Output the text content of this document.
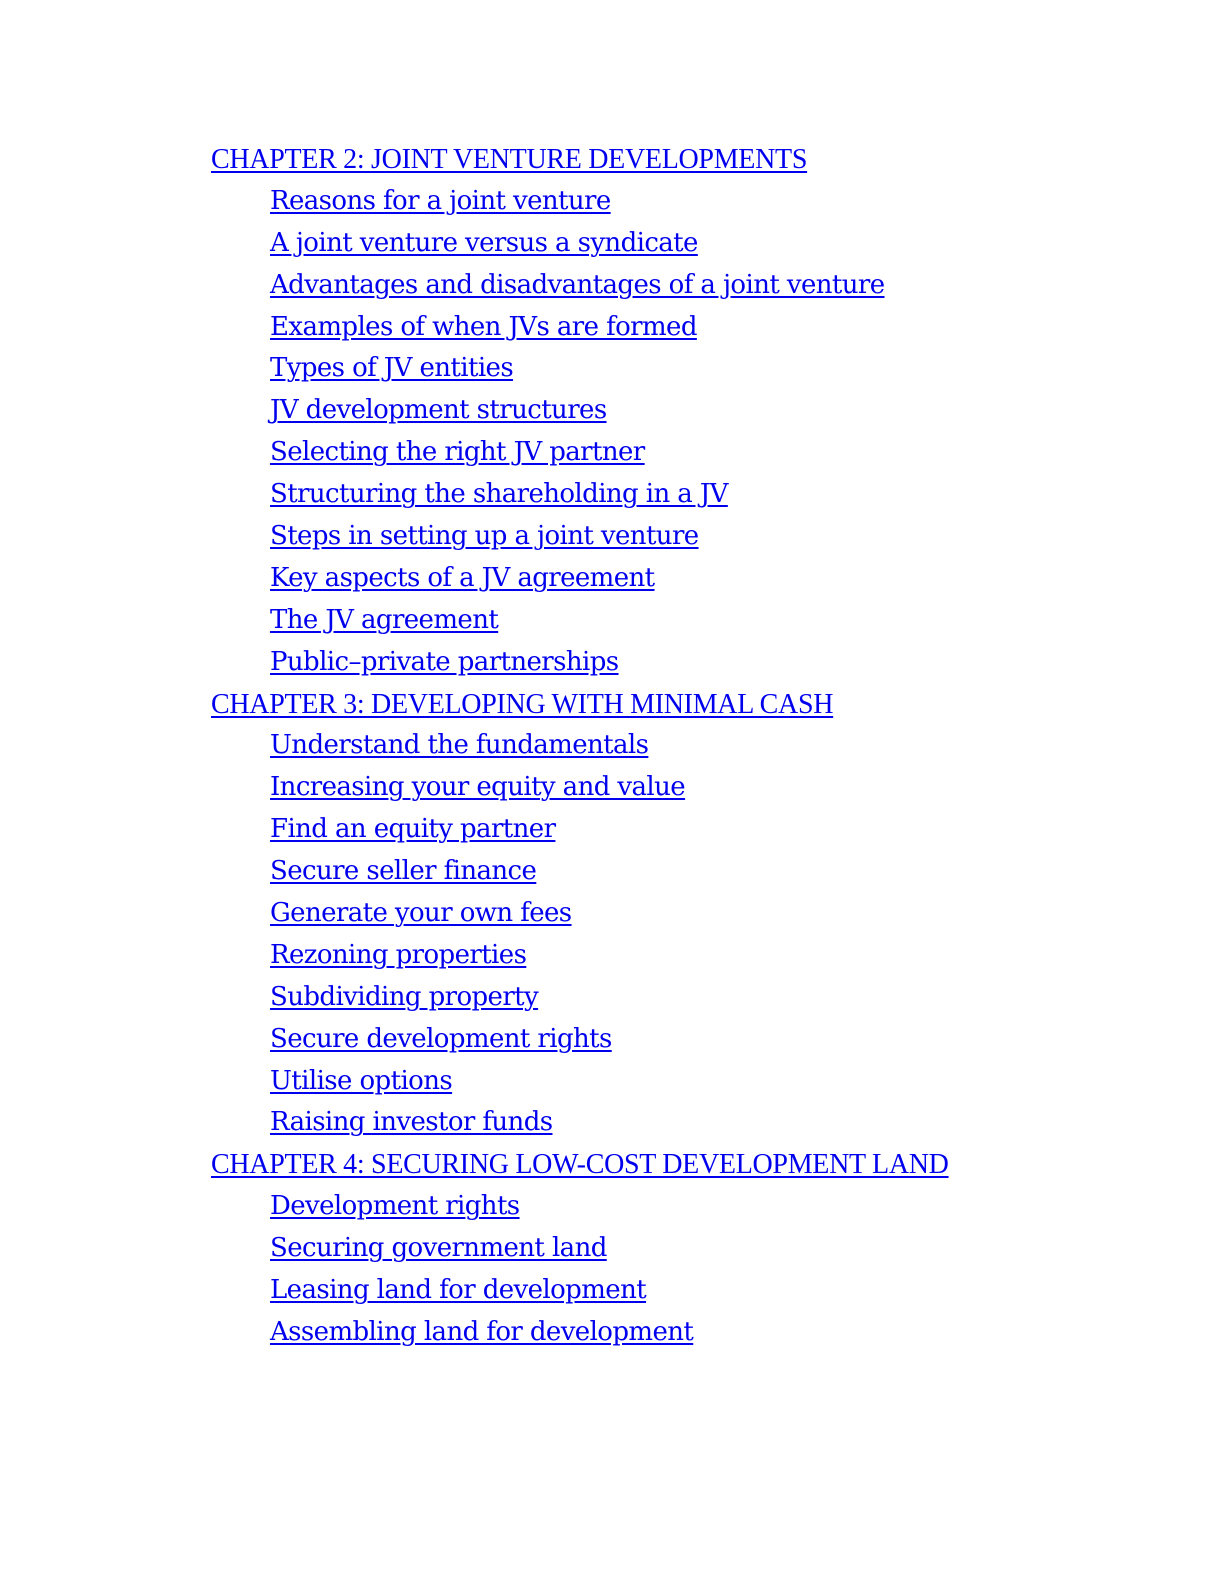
CHAPTER 2: JOINT VENTURE DEVELOPMENTS
Reasons for a joint venture
A joint venture versus a syndicate
Advantages and disadvantages of a joint venture
Examples of when JVs are formed
Types of JV entities
JV development structures
Selecting the right JV partner
Structuring the shareholding in a JV
Steps in setting up a joint venture
Key aspects of a JV agreement
The JV agreement
Public–private partnerships
CHAPTER 3: DEVELOPING WITH MINIMAL CASH
Understand the fundamentals
Increasing your equity and value
Find an equity partner
Secure seller finance
Generate your own fees
Rezoning properties
Subdividing property
Secure development rights
Utilise options
Raising investor funds
CHAPTER 4: SECURING LOW-COST DEVELOPMENT LAND
Development rights
Securing government land
Leasing land for development
Assembling land for development
